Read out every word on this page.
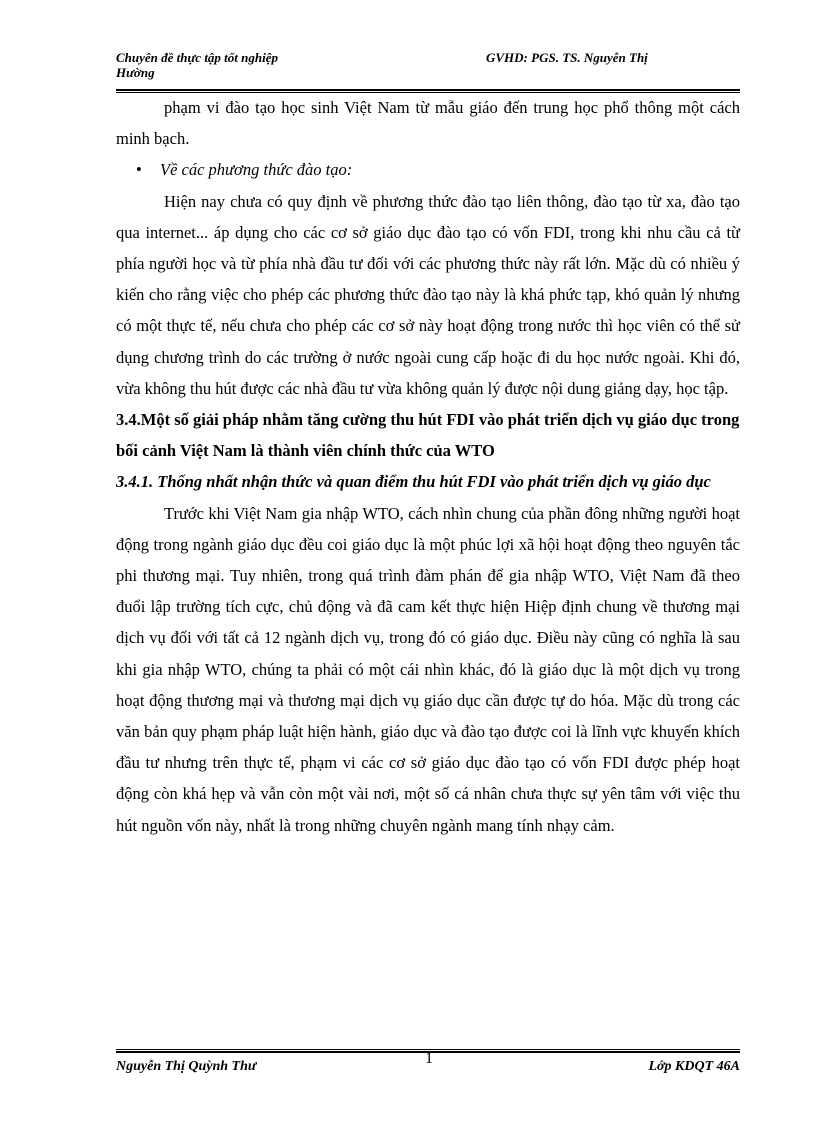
Chuyên đề thực tập tốt nghiệp
Hường
GVHD: PGS. TS. Nguyễn Thị

phạm vi đào tạo học sinh Việt Nam từ mẫu giáo đến trung học phổ thông một cách minh bạch.

• Về các phương thức đào tạo:

Hiện nay chưa có quy định về phương thức đào tạo liên thông, đào tạo từ xa, đào tạo qua internet... áp dụng cho các cơ sở giáo dục đào tạo có vốn FDI, trong khi nhu cầu cả từ phía người học và từ phía nhà đầu tư đối với các phương thức này rất lớn. Mặc dù có nhiều ý kiến cho rằng việc cho phép các phương thức đào tạo này là khá phức tạp, khó quản lý nhưng có một thực tế, nếu chưa cho phép các cơ sở này hoạt động trong nước thì học viên có thể sử dụng chương trình do các trường ở nước ngoài cung cấp hoặc đi du học nước ngoài. Khi đó, vừa không thu hút được các nhà đầu tư vừa không quản lý được nội dung giảng dạy, học tập.

3.4.Một số giải pháp nhằm tăng cường thu hút FDI vào phát triển dịch vụ giáo dục trong bối cảnh Việt Nam là thành viên chính thức của WTO

3.4.1. Thống nhất nhận thức và quan điểm thu hút FDI vào phát triển dịch vụ giáo dục

Trước khi Việt Nam gia nhập WTO, cách nhìn chung của phần đông những người hoạt động trong ngành giáo dục đều coi giáo dục là một phúc lợi xã hội hoạt động theo nguyên tắc phi thương mại. Tuy nhiên, trong quá trình đàm phán để gia nhập WTO, Việt Nam đã theo đuổi lập trường tích cực, chủ động và đã cam kết thực hiện Hiệp định chung về thương mại dịch vụ đối với tất cả 12 ngành dịch vụ, trong đó có giáo dục. Điều này cũng có nghĩa là sau khi gia nhập WTO, chúng ta phải có một cái nhìn khác, đó là giáo dục là một dịch vụ trong hoạt động thương mại và thương mại dịch vụ giáo dục cần được tự do hóa. Mặc dù trong các văn bản quy phạm pháp luật hiện hành, giáo dục và đào tạo được coi là lĩnh vực khuyến khích đầu tư nhưng trên thực tế, phạm vi các cơ sở giáo dục đào tạo có vốn FDI được phép hoạt động còn khá hẹp và vẫn còn một vài nơi, một số cá nhân chưa thực sự yên tâm với việc thu hút nguồn vốn này, nhất là trong những chuyên ngành mang tính nhạy cảm.

Nguyễn Thị Quỳnh Thư	1	Lớp KDQT 46A
